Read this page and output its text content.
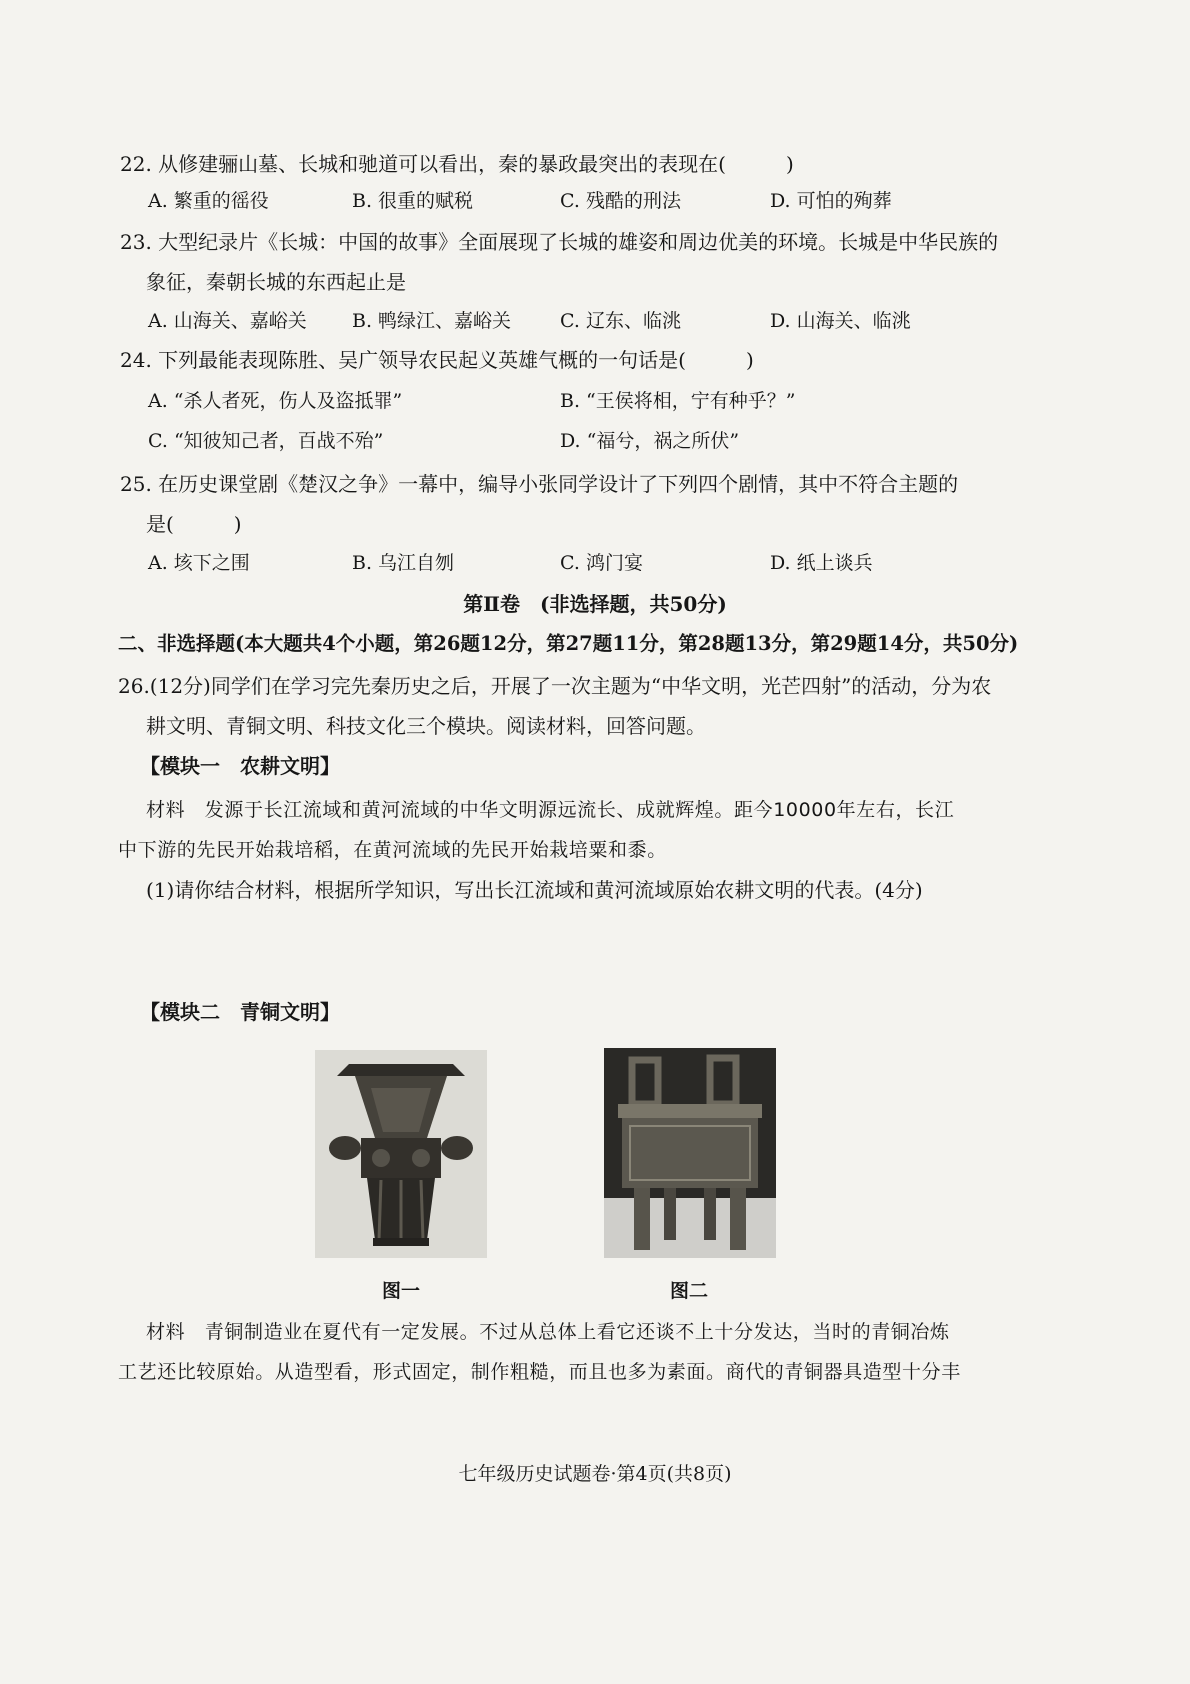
22. 从修建骊山墓、长城和驰道可以看出，秦的暴政最突出的表现在(　　　)
A. 繁重的徭役	B. 很重的赋税	C. 残酷的刑法	D. 可怕的殉葬
23. 大型纪录片《长城：中国的故事》全面展现了长城的雄姿和周边优美的环境。长城是中华民族的
象征，秦朝长城的东西起止是
A. 山海关、嘉峪关 B. 鸭绿江、嘉峪关	C. 辽东、临洮	D. 山海关、临洮
24. 下列最能表现陈胜、吴广领导农民起义英雄气概的一句话是(　　　)
A. “杀人者死，伤人及盗抵罪”	B. “王侯将相，宁有种乎？”
C. “知彼知己者，百战不殆”	D. “福兮，祸之所伏”
25. 在历史课堂剧《楚汉之争》一幕中，编导小张同学设计了下列四个剧情，其中不符合主题的
是(　　　)
A. 垓下之围	B. 乌江自刎	C. 鸿门宴	D. 纸上谈兵
第Ⅱ卷　(非选择题，共50分)
二、非选择题(本大题共4个小题，第26题12分，第27题11分，第28题13分，第29题14分，共50分)
26.(12分)同学们在学习完先秦历史之后，开展了一次主题为“中华文明，光芒四射”的活动，分为农
耕文明、青铜文明、科技文化三个模块。阅读材料，回答问题。
【模块一　农耕文明】
材料　发源于长江流域和黄河流域的中华文明源远流长、成就辉煌。距今10000年左右，长江
中下游的先民开始栽培稻，在黄河流域的先民开始栽培粟和黍。
(1)请你结合材料，根据所学知识，写出长江流域和黄河流域原始农耕文明的代表。(4分)
【模块二　青铜文明】
图一	图二
材料　青铜制造业在夏代有一定发展。不过从总体上看它还谈不上十分发达，当时的青铜冶炼
工艺还比较原始。从造型看，形式固定，制作粗糙，而且也多为素面。商代的青铜器具造型十分丰
七年级历史试题卷·第4页(共8页)
